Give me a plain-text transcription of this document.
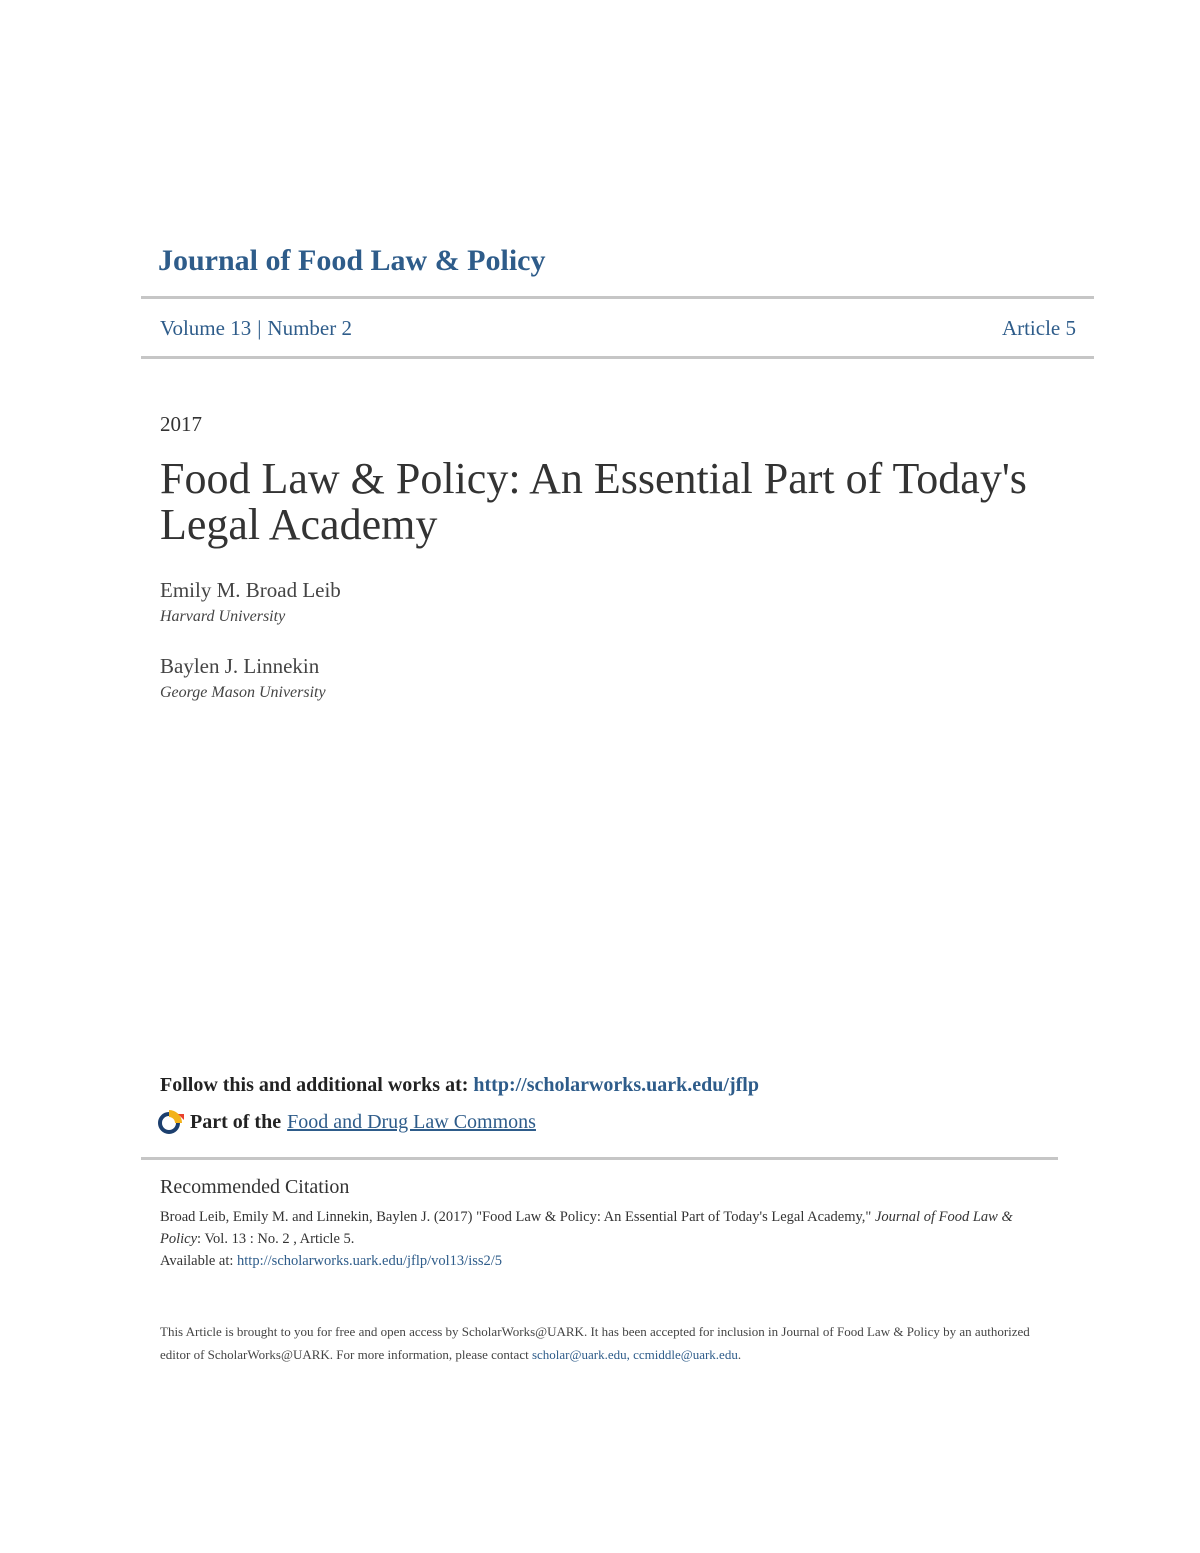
Journal of Food Law & Policy
Volume 13 | Number 2	Article 5
2017
Food Law & Policy: An Essential Part of Today's Legal Academy
Emily M. Broad Leib
Harvard University
Baylen J. Linnekin
George Mason University
Follow this and additional works at: http://scholarworks.uark.edu/jflp
Part of the Food and Drug Law Commons
Recommended Citation
Broad Leib, Emily M. and Linnekin, Baylen J. (2017) "Food Law & Policy: An Essential Part of Today's Legal Academy," Journal of Food Law & Policy: Vol. 13 : No. 2 , Article 5.
Available at: http://scholarworks.uark.edu/jflp/vol13/iss2/5
This Article is brought to you for free and open access by ScholarWorks@UARK. It has been accepted for inclusion in Journal of Food Law & Policy by an authorized editor of ScholarWorks@UARK. For more information, please contact scholar@uark.edu, ccmiddle@uark.edu.
